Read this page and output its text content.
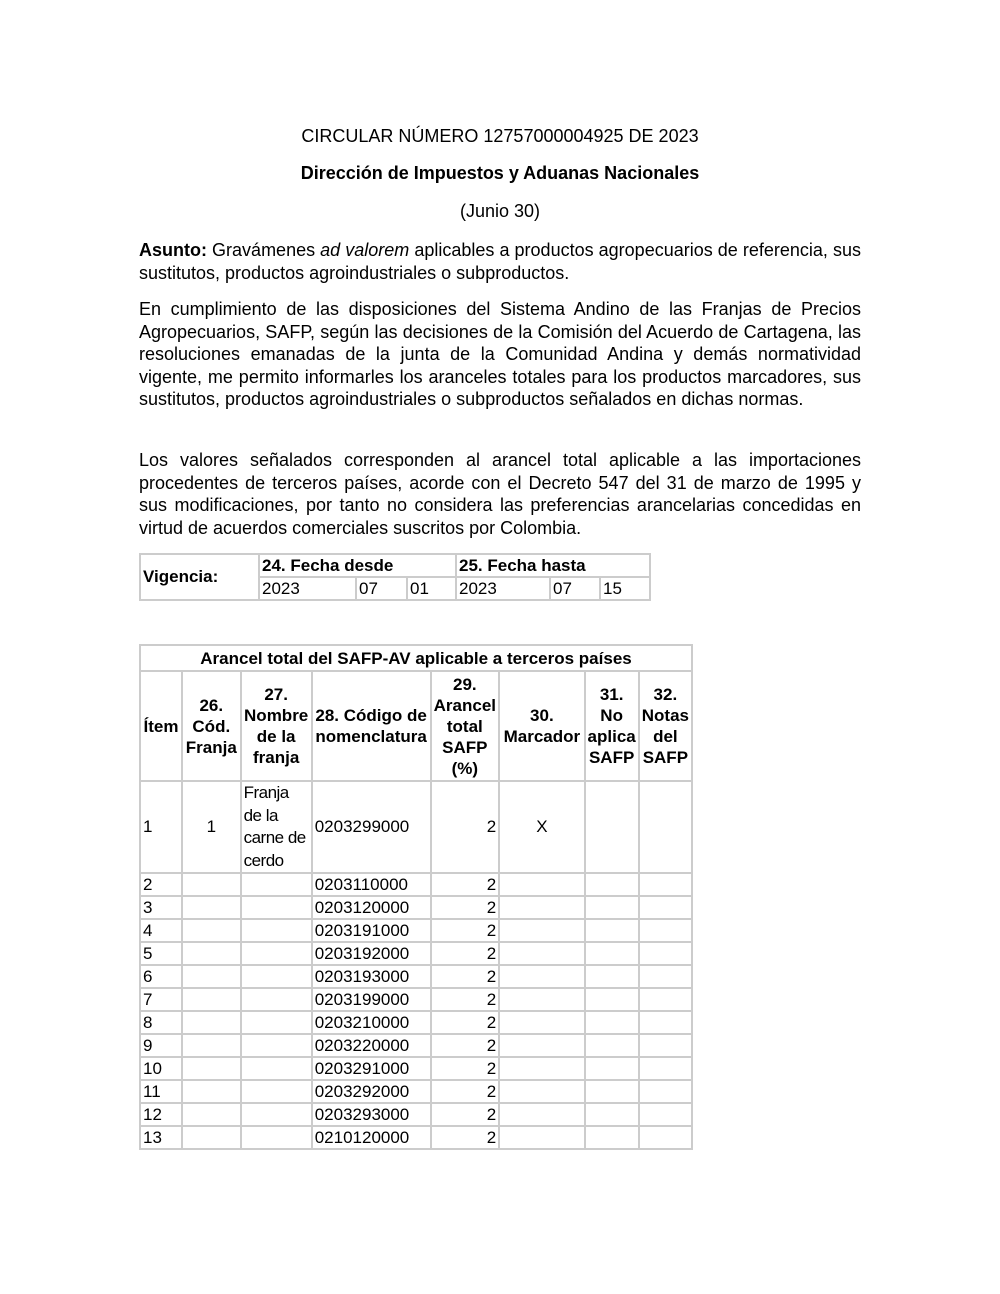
CIRCULAR NÚMERO 12757000004925 DE 2023
Dirección de Impuestos y Aduanas Nacionales
(Junio 30)

Asunto: Gravámenes ad valorem aplicables a productos agropecuarios de referencia, sus sustitutos, productos agroindustriales o subproductos.

En cumplimiento de las disposiciones del Sistema Andino de las Franjas de Precios Agropecuarios, SAFP, según las decisiones de la Comisión del Acuerdo de Cartagena, las resoluciones emanadas de la junta de la Comunidad Andina y demás normatividad vigente, me permito informarles los aranceles totales para los productos marcadores, sus sustitutos, productos agroindustriales o subproductos señalados en dichas normas.

Los valores señalados corresponden al arancel total aplicable a las importaciones procedentes de terceros países, acorde con el Decreto 547 del 31 de marzo de 1995 y sus modificaciones, por tanto no considera las preferencias arancelarias concedidas en virtud de acuerdos comerciales suscritos por Colombia.

Vigencia:	24. Fecha desde			25. Fecha hasta		
	2023	07	01	2023	07	15
Arancel total del SAFP-AV aplicable a terceros países							
Ítem	26. Cód. Franja	27. Nombre de la franja	28. Código de nomenclatura	29. Arancel total SAFP (%)	30. Marcador	31. No aplica SAFP	32. Notas del SAFP
1	1	Franja de la carne de cerdo	0203299000	2	X		
2			0203110000	2			
3			0203120000	2			
4			0203191000	2			
5			0203192000	2			
6			0203193000	2			
7			0203199000	2			
8			0203210000	2			
9			0203220000	2			
10			0203291000	2			
11			0203292000	2			
12			0203293000	2			
13			0210120000	2			
